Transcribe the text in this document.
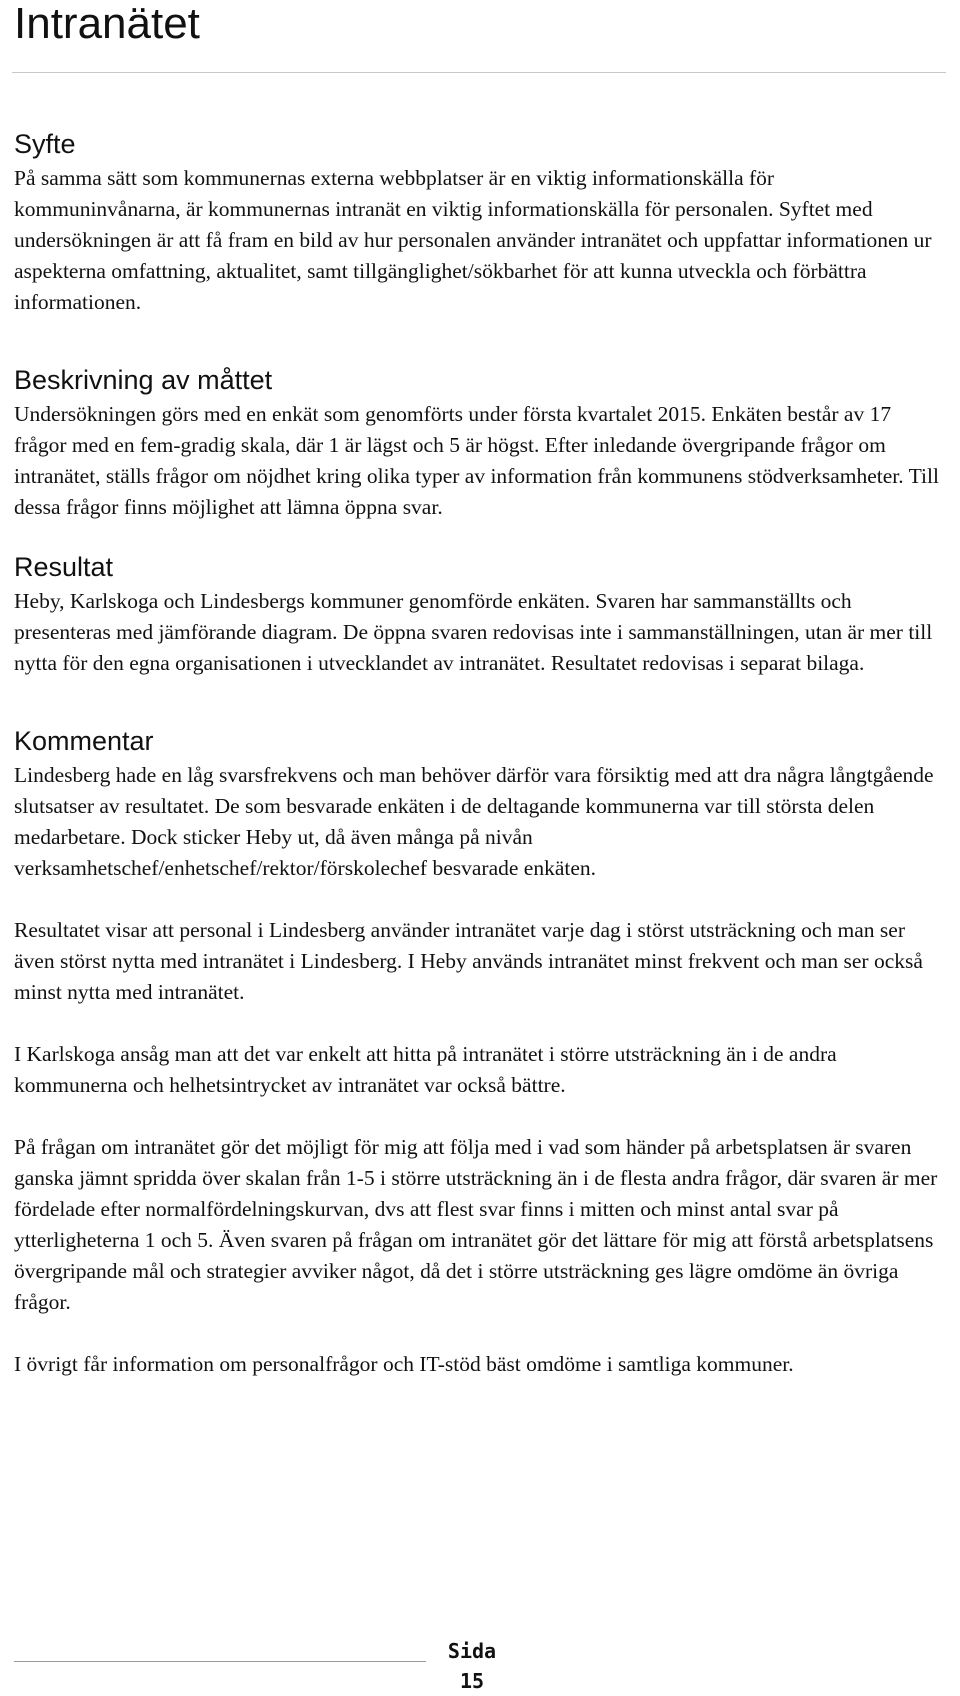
Intranätet
Syfte

På samma sätt som kommunernas externa webbplatser är en viktig informationskälla för kommuninvånarna, är kommunernas intranät en viktig informationskälla för personalen. Syftet med undersökningen är att få fram en bild av hur personalen använder intranätet och uppfattar informationen ur aspekterna omfattning, aktualitet, samt tillgänglighet/sökbarhet för att kunna utveckla och förbättra informationen.

Beskrivning av måttet

Undersökningen görs med en enkät som genomförts under första kvartalet 2015. Enkäten består av 17 frågor med en fem-gradig skala, där 1 är lägst och 5 är högst. Efter inledande övergripande frågor om intranätet, ställs frågor om nöjdhet kring olika typer av information från kommunens stödverksamheter. Till dessa frågor finns möjlighet att lämna öppna svar.

Resultat

Heby, Karlskoga och Lindesbergs kommuner genomförde enkäten. Svaren har sammanställts och presenteras med jämförande diagram. De öppna svaren redovisas inte i sammanställningen, utan är mer till nytta för den egna organisationen i utvecklandet av intranätet. Resultatet redovisas i separat bilaga.

Kommentar

Lindesberg hade en låg svarsfrekvens och man behöver därför vara försiktig med att dra några långtgående slutsatser av resultatet. De som besvarade enkäten i de deltagande kommunerna var till största delen medarbetare. Dock sticker Heby ut, då även många på nivån verksamhetschef/enhetschef/rektor/förskolechef besvarade enkäten.

Resultatet visar att personal i Lindesberg använder intranätet varje dag i störst utsträckning och man ser även störst nytta med intranätet i Lindesberg. I Heby används intranätet minst frekvent och man ser också minst nytta med intranätet.

I Karlskoga ansåg man att det var enkelt att hitta på intranätet i större utsträckning än i de andra kommunerna och helhetsintrycket av intranätet var också bättre.

På frågan om intranätet gör det möjligt för mig att följa med i vad som händer på arbetsplatsen är svaren ganska jämnt spridda över skalan från 1-5 i större utsträckning än i de flesta andra frågor, där svaren är mer fördelade efter normalfördelningskurvan, dvs att flest svar finns i mitten och minst antal svar på ytterligheterna 1 och 5. Även svaren på frågan om intranätet gör det lättare för mig att förstå arbetsplatsens övergripande mål och strategier avviker något, då det i större utsträckning ges lägre omdöme än övriga frågor.

I övrigt får information om personalfrågor och IT-stöd bäst omdöme i samtliga kommuner.

Sida
15
